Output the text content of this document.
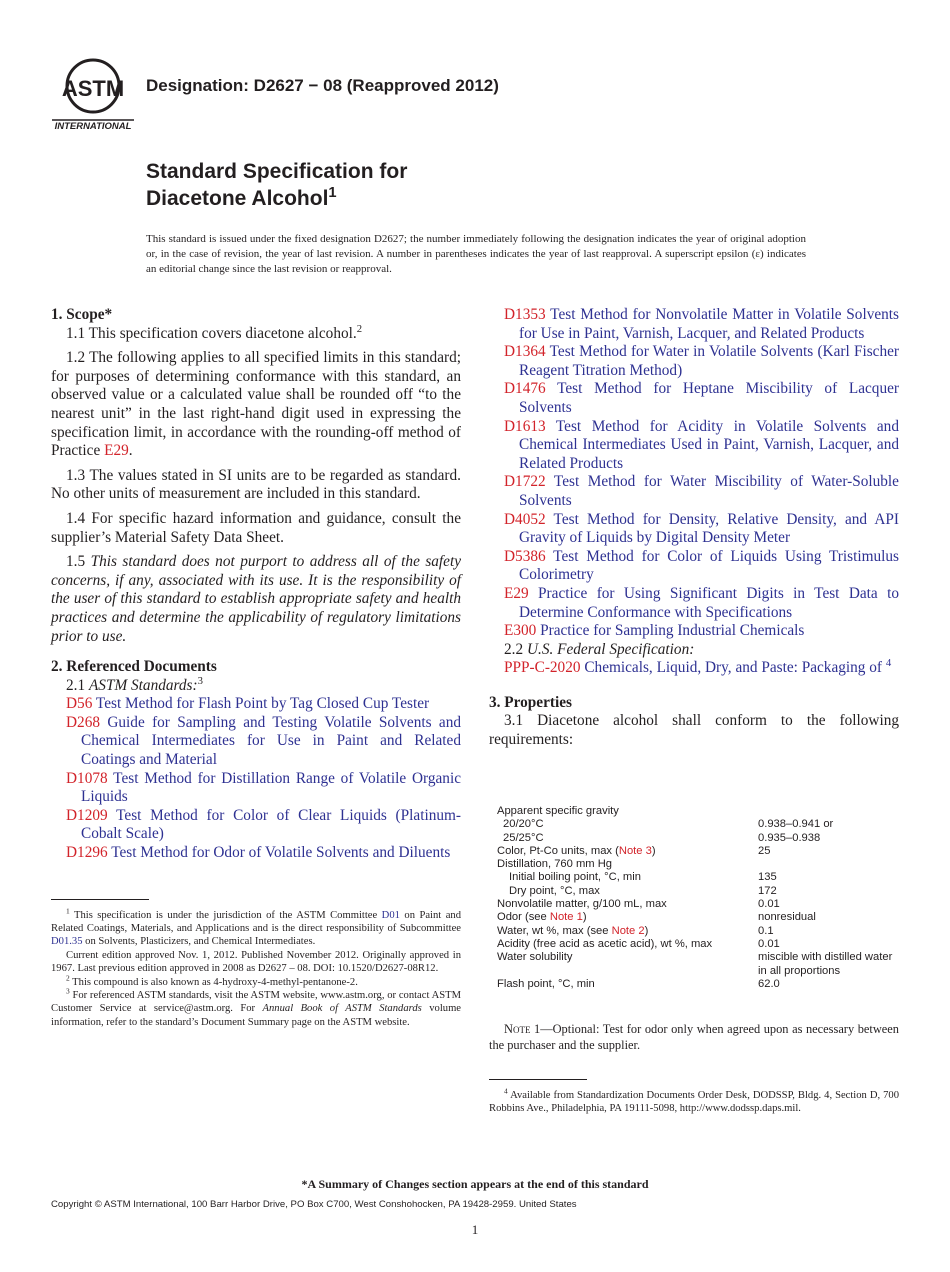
ASTM
INTERNATIONAL
Designation: D2627 − 08 (Reapproved 2012)
Standard Specification for
Diacetone Alcohol$^1$
This standard is issued under the fixed designation D2627; the number immediately following the designation indicates the year of original adoption or, in the case of revision, the year of last revision. A number in parentheses indicates the year of last reapproval. A superscript epsilon (ε) indicates an editorial change since the last revision or reapproval.

1. Scope*

1.1 This specification covers diacetone alcohol.$^2$

1.2 The following applies to all specified limits in this standard; for purposes of determining conformance with this standard, an observed value or a calculated value shall be rounded off “to the nearest unit” in the last right-hand digit used in expressing the specification limit, in accordance with the rounding-off method of Practice E29.

1.3 The values stated in SI units are to be regarded as standard. No other units of measurement are included in this standard.

1.4 For specific hazard information and guidance, consult the supplier’s Material Safety Data Sheet.

1.5 This standard does not purport to address all of the safety concerns, if any, associated with its use. It is the responsibility of the user of this standard to establish appropriate safety and health practices and determine the applicability of regulatory limitations prior to use.

2. Referenced Documents

2.1 ASTM Standards:$^3$

D56 Test Method for Flash Point by Tag Closed Cup Tester

D268 Guide for Sampling and Testing Volatile Solvents and Chemical Intermediates for Use in Paint and Related Coatings and Material

D1078 Test Method for Distillation Range of Volatile Organic Liquids

D1209 Test Method for Color of Clear Liquids (Platinum-Cobalt Scale)

D1296 Test Method for Odor of Volatile Solvents and Diluents

$^1$ This specification is under the jurisdiction of the ASTM Committee D01 on Paint and Related Coatings, Materials, and Applications and is the direct responsibility of Subcommittee D01.35 on Solvents, Plasticizers, and Chemical Intermediates.

Current edition approved Nov. 1, 2012. Published November 2012. Originally approved in 1967. Last previous edition approved in 2008 as D2627 – 08. DOI: 10.1520/D2627-08R12.

$^2$ This compound is also known as 4-hydroxy-4-methyl-pentanone-2.

$^3$ For referenced ASTM standards, visit the ASTM website, www.astm.org, or contact ASTM Customer Service at service@astm.org. For Annual Book of ASTM Standards volume information, refer to the standard’s Document Summary page on the ASTM website.

D1353 Test Method for Nonvolatile Matter in Volatile Solvents for Use in Paint, Varnish, Lacquer, and Related Products

D1364 Test Method for Water in Volatile Solvents (Karl Fischer Reagent Titration Method)

D1476 Test Method for Heptane Miscibility of Lacquer Solvents

D1613 Test Method for Acidity in Volatile Solvents and Chemical Intermediates Used in Paint, Varnish, Lacquer, and Related Products

D1722 Test Method for Water Miscibility of Water-Soluble Solvents

D4052 Test Method for Density, Relative Density, and API Gravity of Liquids by Digital Density Meter

D5386 Test Method for Color of Liquids Using Tristimulus Colorimetry

E29 Practice for Using Significant Digits in Test Data to Determine Conformance with Specifications

E300 Practice for Sampling Industrial Chemicals

2.2 U.S. Federal Specification:

PPP-C-2020 Chemicals, Liquid, Dry, and Paste: Packaging of $^4$

3. Properties

3.1 Diacetone alcohol shall conform to the following requirements:

Apparent specific gravity	
20/20°C	0.938–0.941 or
25/25°C	0.935–0.938
Color, Pt-Co units, max (Note 3)	25
Distillation, 760 mm Hg	
Initial boiling point, °C, min	135
Dry point, °C, max	172
Nonvolatile matter, g/100 mL, max	0.01
Odor (see Note 1)	nonresidual
Water, wt %, max (see Note 2)	0.1
Acidity (free acid as acetic acid), wt %, max	0.01
Water solubility	miscible with distilled water
	in all proportions
Flash point, °C, min	62.0
Note 1—Optional: Test for odor only when agreed upon as necessary between the purchaser and the supplier.

$^4$ Available from Standardization Documents Order Desk, DODSSP, Bldg. 4, Section D, 700 Robbins Ave., Philadelphia, PA 19111-5098, http://www.dodssp.daps.mil.

*A Summary of Changes section appears at the end of this standard
Copyright © ASTM International, 100 Barr Harbor Drive, PO Box C700, West Conshohocken, PA 19428-2959. United States
1
